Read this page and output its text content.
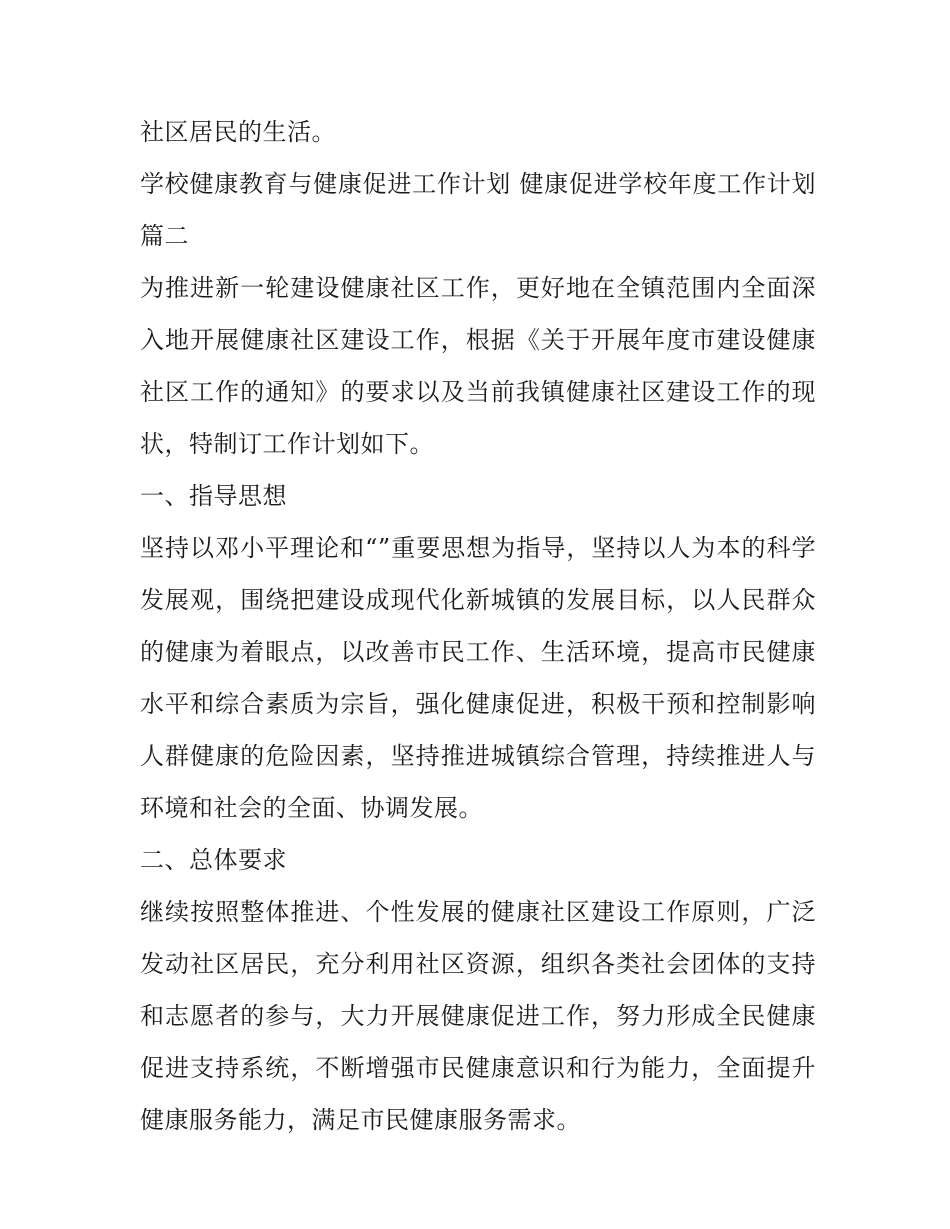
社区居民的生活。

学校健康教育与健康促进工作计划 健康促进学校年度工作计划篇二

为推进新一轮建设健康社区工作，更好地在全镇范围内全面深入地开展健康社区建设工作，根据《关于开展年度市建设健康社区工作的通知》的要求以及当前我镇健康社区建设工作的现状，特制订工作计划如下。

一、指导思想

坚持以邓小平理论和“”重要思想为指导，坚持以人为本的科学发展观，围绕把建设成现代化新城镇的发展目标，以人民群众的健康为着眼点，以改善市民工作、生活环境，提高市民健康水平和综合素质为宗旨，强化健康促进，积极干预和控制影响人群健康的危险因素，坚持推进城镇综合管理，持续推进人与环境和社会的全面、协调发展。

二、总体要求

继续按照整体推进、个性发展的健康社区建设工作原则，广泛发动社区居民，充分利用社区资源，组织各类社会团体的支持和志愿者的参与，大力开展健康促进工作，努力形成全民健康促进支持系统，不断增强市民健康意识和行为能力，全面提升健康服务能力，满足市民健康服务需求。
